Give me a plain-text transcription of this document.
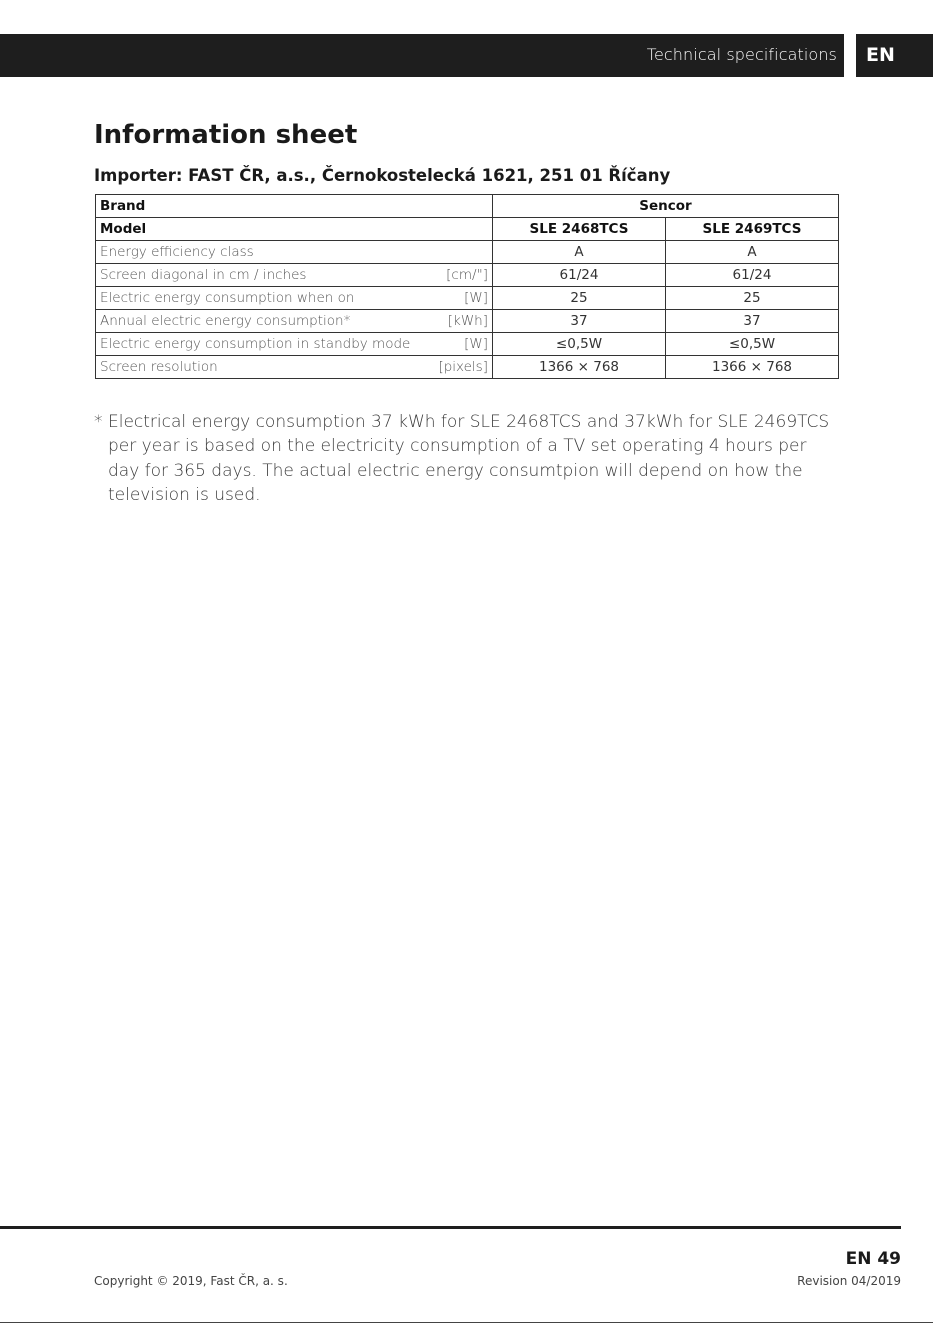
Technical specifications	EN
Information sheet
Importer: FAST ČR, a.s., Černokostelecká 1621, 251 01 Říčany
Brand	Sencor	
Model	SLE 2468TCS	SLE 2469TCS

Energy efficiency class	A	A

Screen diagonal in cm / inches [cm/"]	61/24	61/24

Electric energy consumption when on [W]	25	25

Annual electric energy consumption* [kWh]	37	37

Electric energy consumption in standby mode [W]	≤0,5W	≤0,5W

Screen resolution [pixels]	1366 × 768	1366 × 768
* Electrical energy consumption 37 kWh for SLE 2468TCS and 37kWh for SLE 2469TCS per year is based on the electricity consumption of a TV set operating 4 hours per day for 365 days. The actual electric energy consumtpion will depend on how the television is used.
EN 49
Copyright © 2019, Fast ČR, a. s.	Revision 04/2019
